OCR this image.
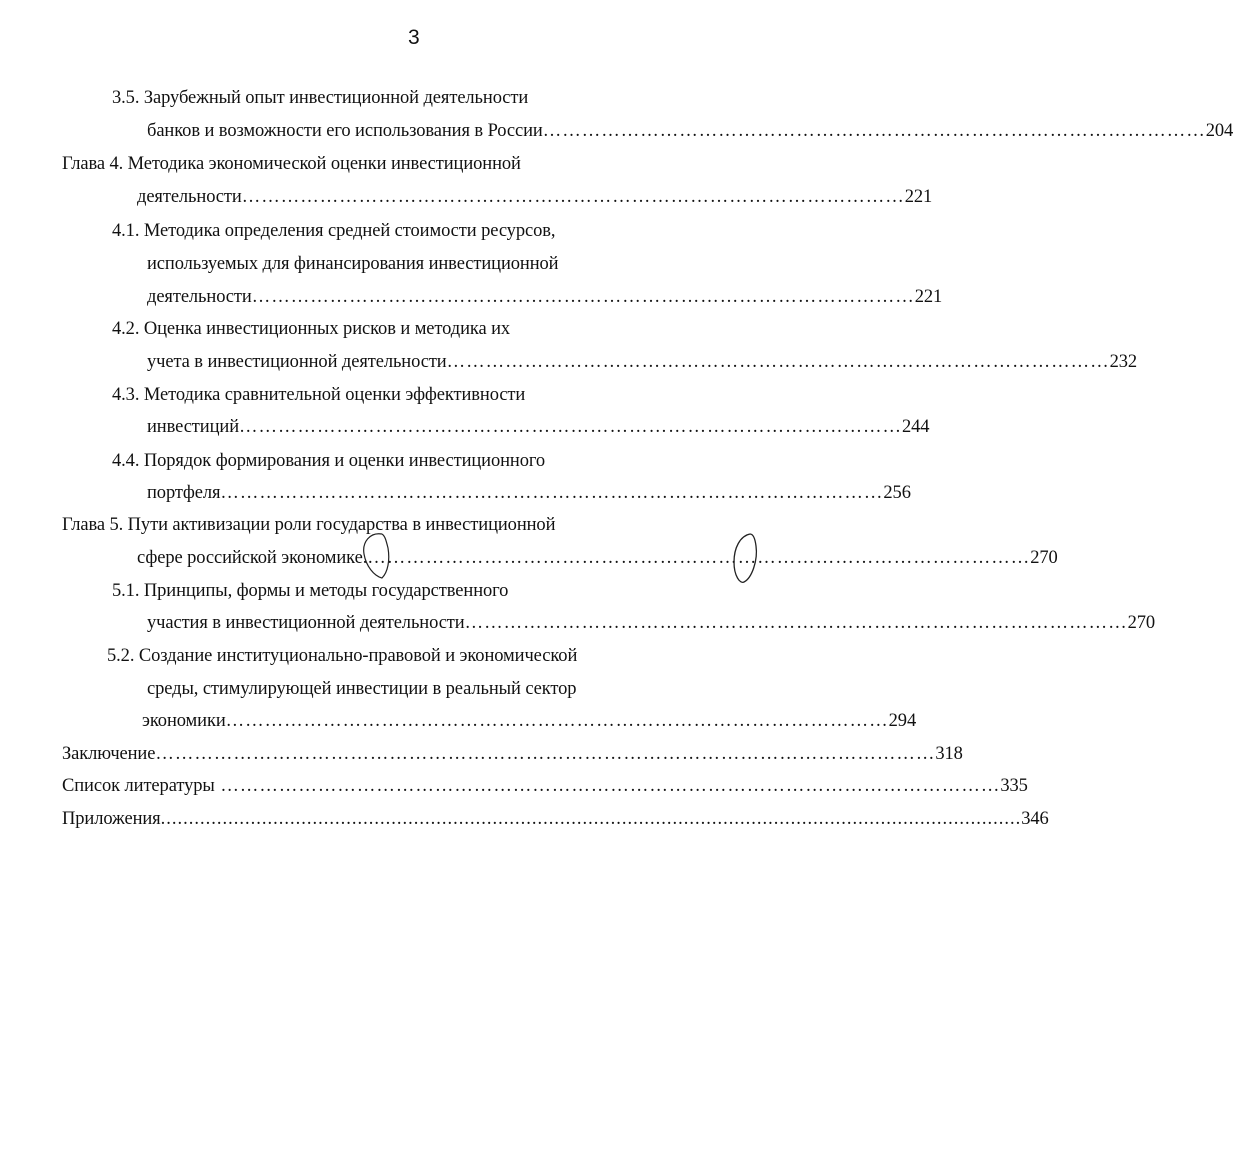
3
3.5. Зарубежный опыт инвестиционной деятельности
банков и возможности его использования в России ………………………………………………………………………………………… 204
Глава 4. Методика экономической оценки инвестиционной
деятельности ………………………………………………………………………………………… 221
4.1. Методика определения средней стоимости ресурсов,
используемых для финансирования инвестиционной
деятельности ………………………………………………………………………………………… 221
4.2. Оценка инвестиционных рисков и методика их
учета в инвестиционной деятельности ………………………………………………………………………………………… 232
4.3. Методика сравнительной оценки эффективности
инвестиций ………………………………………………………………………………………… 244
4.4. Порядок формирования и оценки инвестиционного
портфеля ………………………………………………………………………………………… 256
Глава 5. Пути активизации роли государства в инвестиционной
сфере российской экономике. ………………………………………………………………………………………… 270
5.1. Принципы, формы и методы государственного
участия в инвестиционной деятельности ………………………………………………………………………………………… 270
5.2. Создание институционально-правовой и экономической
среды, стимулирующей инвестиции в реальный сектор
экономики ………………………………………………………………………………………… 294
Заключение ………………………………………………………………………………………………………… 318
Список литературы ………………………………………………………………………………………………………… 335
Приложения ......................................................................................................................................................... 346
